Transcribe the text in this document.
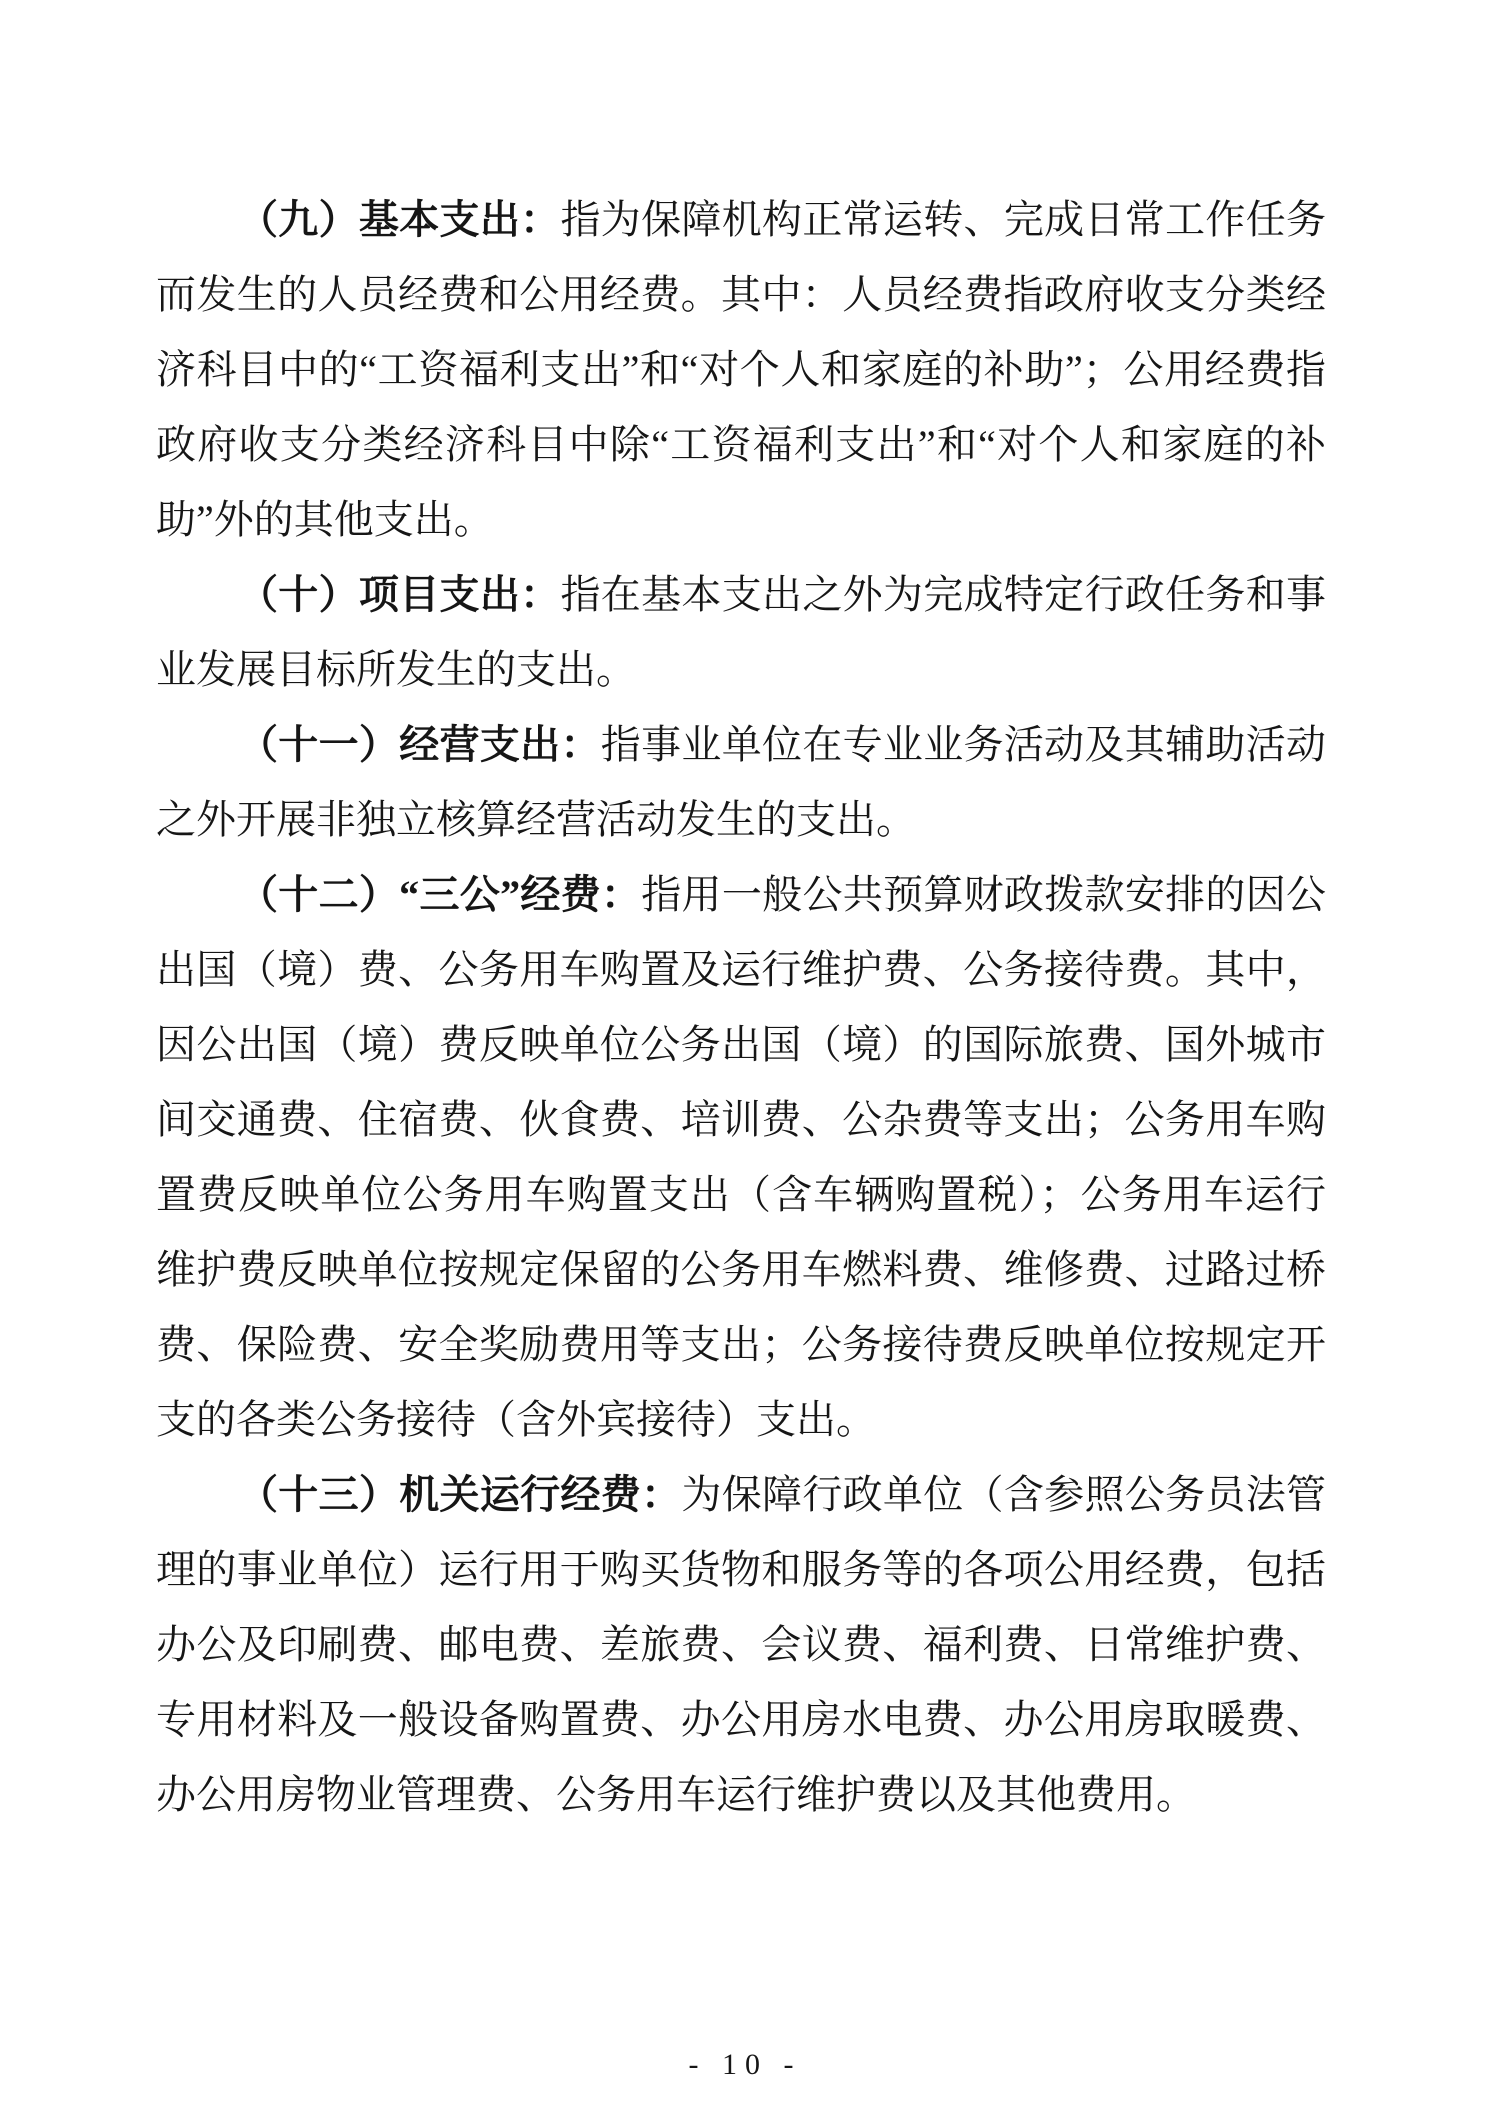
（九）基本支出：指为保障机构正常运转、完成日常工作任务而发生的人员经费和公用经费。其中：人员经费指政府收支分类经济科目中的“工资福利支出”和“对个人和家庭的补助”；公用经费指政府收支分类经济科目中除“工资福利支出”和“对个人和家庭的补助”外的其他支出。

（十）项目支出：指在基本支出之外为完成特定行政任务和事业发展目标所发生的支出。

（十一）经营支出：指事业单位在专业业务活动及其辅助活动之外开展非独立核算经营活动发生的支出。

（十二）“三公”经费：指用一般公共预算财政拨款安排的因公出国（境）费、公务用车购置及运行维护费、公务接待费。其中，因公出国（境）费反映单位公务出国（境）的国际旅费、国外城市间交通费、住宿费、伙食费、培训费、公杂费等支出；公务用车购置费反映单位公务用车购置支出（含车辆购置税）；公务用车运行维护费反映单位按规定保留的公务用车燃料费、维修费、过路过桥费、保险费、安全奖励费用等支出；公务接待费反映单位按规定开支的各类公务接待（含外宾接待）支出。

（十三）机关运行经费：为保障行政单位（含参照公务员法管理的事业单位）运行用于购买货物和服务等的各项公用经费，包括办公及印刷费、邮电费、差旅费、会议费、福利费、日常维护费、专用材料及一般设备购置费、办公用房水电费、办公用房取暖费、办公用房物业管理费、公务用车运行维护费以及其他费用。

- 10 -
